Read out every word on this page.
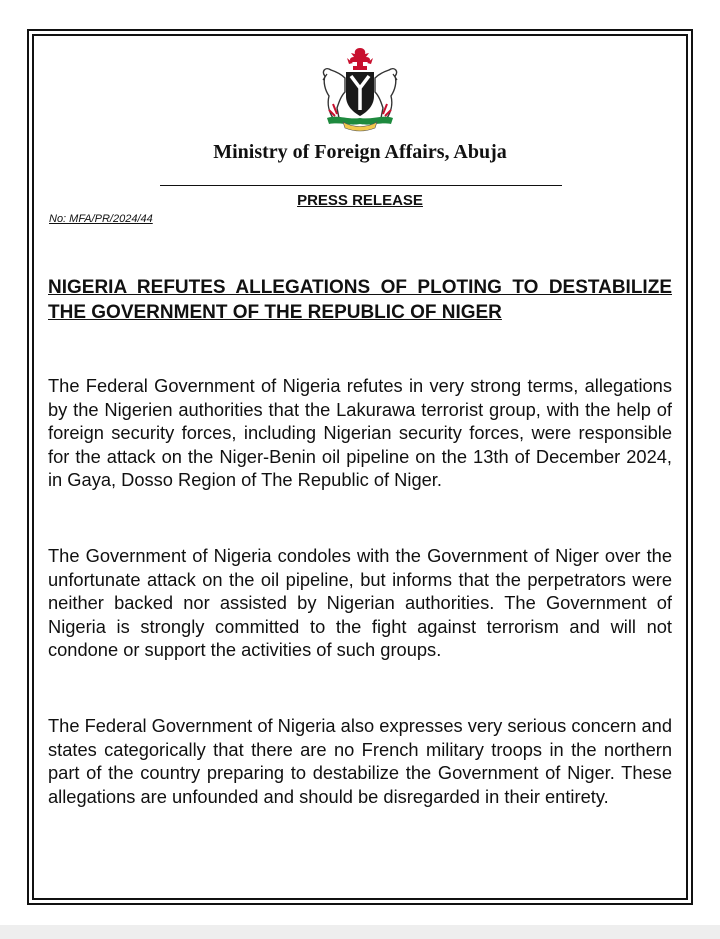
Ministry of Foreign Affairs, Abuja
PRESS RELEASE
No: MFA/PR/2024/44
NIGERIA REFUTES ALLEGATIONS OF PLOTING TO DESTABILIZE THE GOVERNMENT OF THE REPUBLIC OF NIGER
The Federal Government of Nigeria refutes in very strong terms, allegations by the Nigerien authorities that the Lakurawa terrorist group, with the help of foreign security forces, including Nigerian security forces, were responsible for the attack on the Niger-Benin oil pipeline on the 13th of December 2024, in Gaya, Dosso Region of The Republic of Niger.
The Government of Nigeria condoles with the Government of Niger over the unfortunate attack on the oil pipeline, but informs that the perpetrators were neither backed nor assisted by Nigerian authorities. The Government of Nigeria is strongly committed to the fight against terrorism and will not condone or support the activities of such groups.
The Federal Government of Nigeria also expresses very serious concern and states categorically that there are no French military troops in the northern part of the country preparing to destabilize the Government of Niger. These allegations are unfounded and should be disregarded in their entirety.
